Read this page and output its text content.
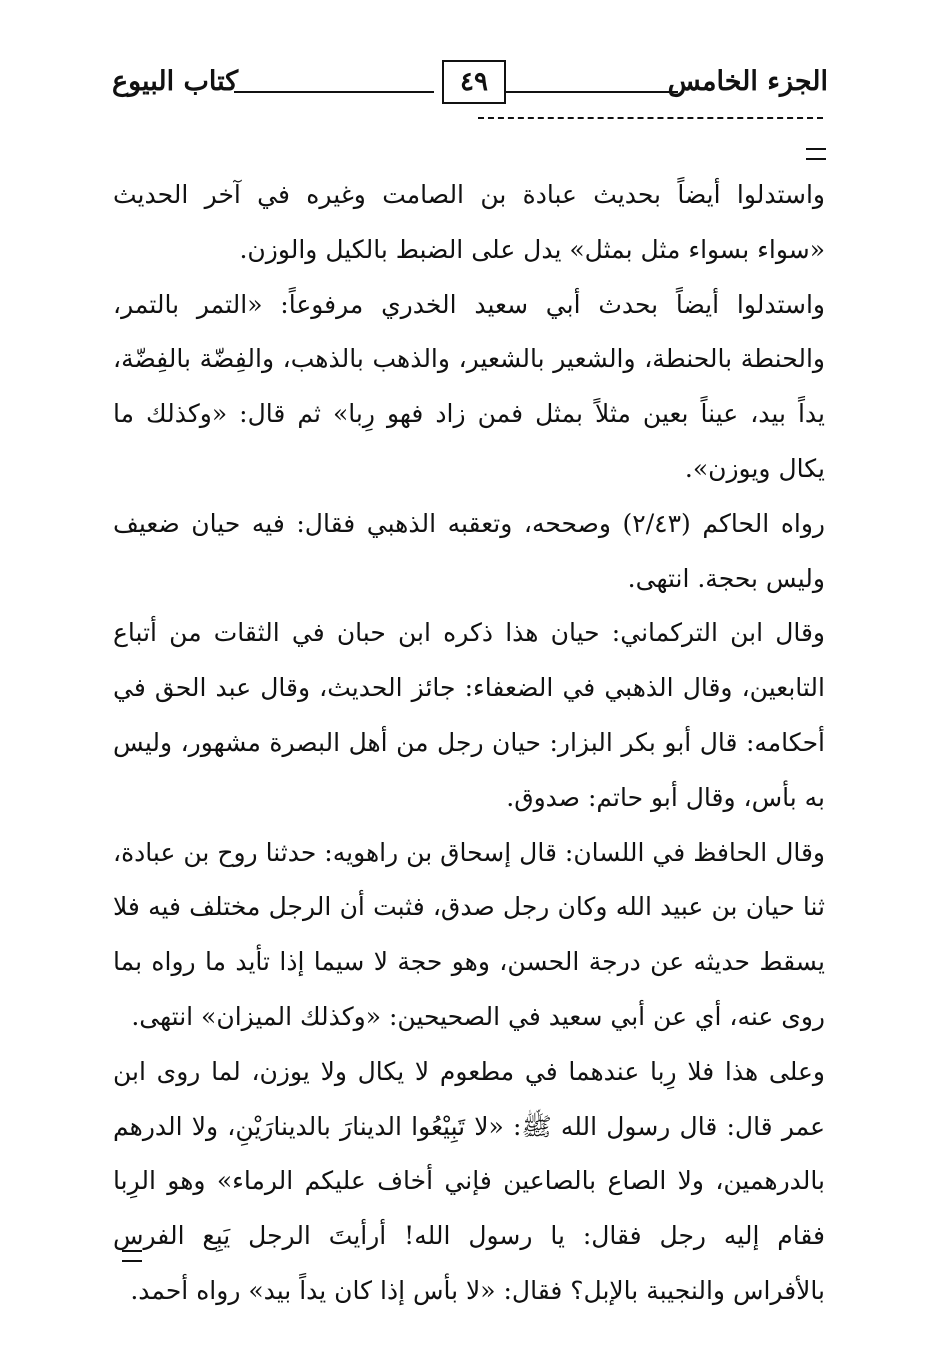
الجزء الخامس
٤٩
كتاب البيوع

واستدلوا أيضاً بحديث عبادة بن الصامت وغيره في آخر الحديث «سواء بسواء مثل بمثل» يدل على الضبط بالكيل والوزن.

واستدلوا أيضاً بحدث أبي سعيد الخدري مرفوعاً: «التمر بالتمر، والحنطة بالحنطة، والشعير بالشعير، والذهب بالذهب، والفِضّة بالفِضّة، يداً بيد، عيناً بعين مثلاً بمثل فمن زاد فهو رِبا» ثم قال: «وكذلك ما يكال ويوزن».

رواه الحاكم (٢/٤٣) وصححه، وتعقبه الذهبي فقال: فيه حيان ضعيف وليس بحجة. انتهى.

وقال ابن التركماني: حيان هذا ذكره ابن حبان في الثقات من أتباع التابعين، وقال الذهبي في الضعفاء: جائز الحديث، وقال عبد الحق في أحكامه: قال أبو بكر البزار: حيان رجل من أهل البصرة مشهور، وليس به بأس، وقال أبو حاتم: صدوق.

وقال الحافظ في اللسان: قال إسحاق بن راهويه: حدثنا روح بن عبادة، ثنا حيان بن عبيد الله وكان رجل صدق، فثبت أن الرجل مختلف فيه فلا يسقط حديثه عن درجة الحسن، وهو حجة لا سيما إذا تأيد ما رواه بما روى عنه، أي عن أبي سعيد في الصحيحين: «وكذلك الميزان» انتهى.

وعلى هذا فلا رِبا عندهما في مطعوم لا يكال ولا يوزن، لما روى ابن عمر قال: قال رسول الله ﷺ: «لا تَبِيْعُوا الدينارَ بالدينارَيْنِ، ولا الدرهم بالدرهمين، ولا الصاع بالصاعين فإني أخاف عليكم الرماء» وهو الرِبا فقام إليه رجل فقال: يا رسول الله! أرأيتَ الرجل يَبِع الفرس بالأفراس والنجيبة بالإبل؟ فقال: «لا بأس إذا كان يداً بيد» رواه أحمد.
